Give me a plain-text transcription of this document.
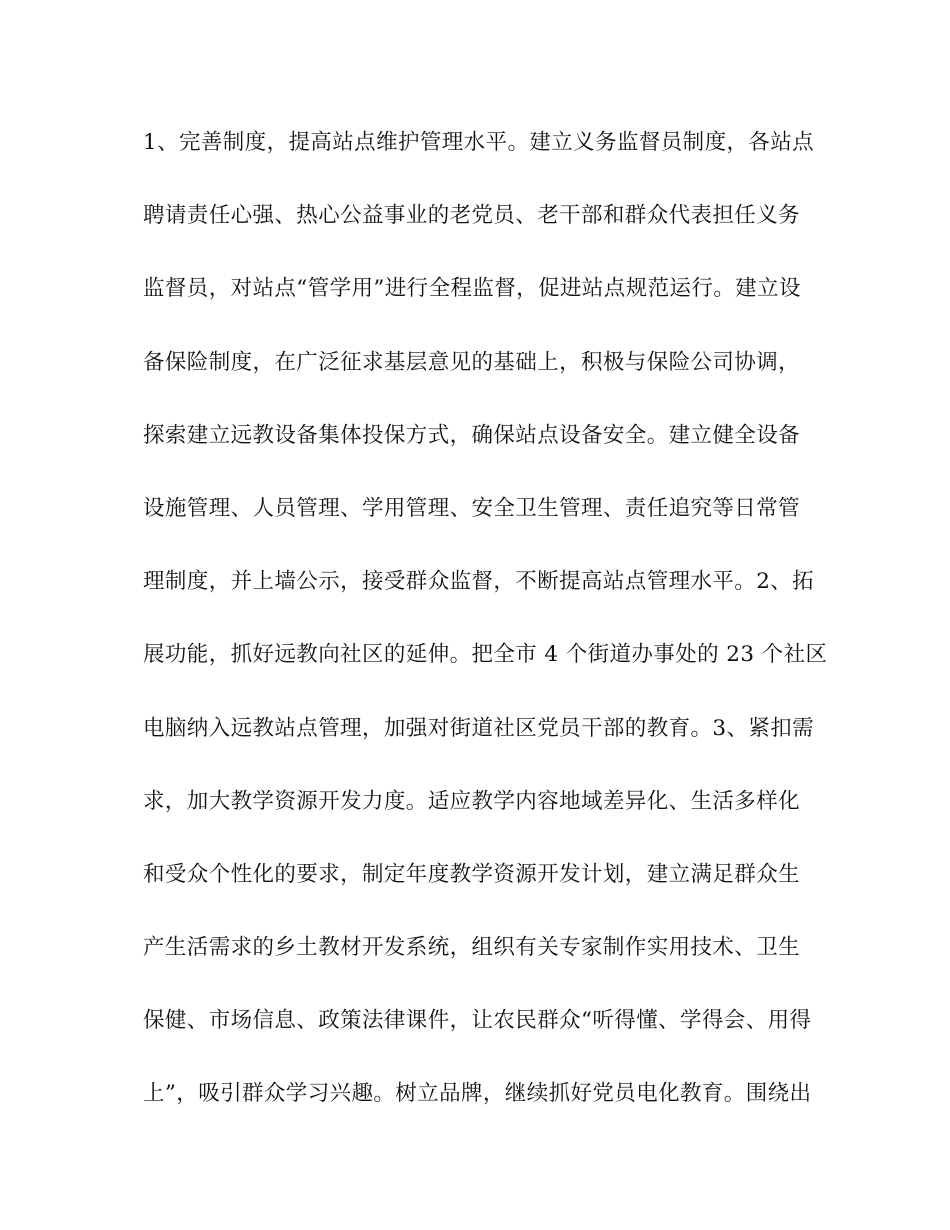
1、完善制度，提高站点维护管理水平。建立义务监督员制度，各站点
聘请责任心强、热心公益事业的老党员、老干部和群众代表担任义务
监督员，对站点“管学用”进行全程监督，促进站点规范运行。建立设
备保险制度，在广泛征求基层意见的基础上，积极与保险公司协调，
探索建立远教设备集体投保方式，确保站点设备安全。建立健全设备
设施管理、人员管理、学用管理、安全卫生管理、责任追究等日常管
理制度，并上墙公示，接受群众监督，不断提高站点管理水平。2、拓
展功能，抓好远教向社区的延伸。把全市 4 个街道办事处的 23 个社区
电脑纳入远教站点管理，加强对街道社区党员干部的教育。3、紧扣需
求，加大教学资源开发力度。适应教学内容地域差异化、生活多样化
和受众个性化的要求，制定年度教学资源开发计划，建立满足群众生
产生活需求的乡土教材开发系统，组织有关专家制作实用技术、卫生
保健、市场信息、政策法律课件，让农民群众“听得懂、学得会、用得
上”，吸引群众学习兴趣。树立品牌，继续抓好党员电化教育。围绕出
